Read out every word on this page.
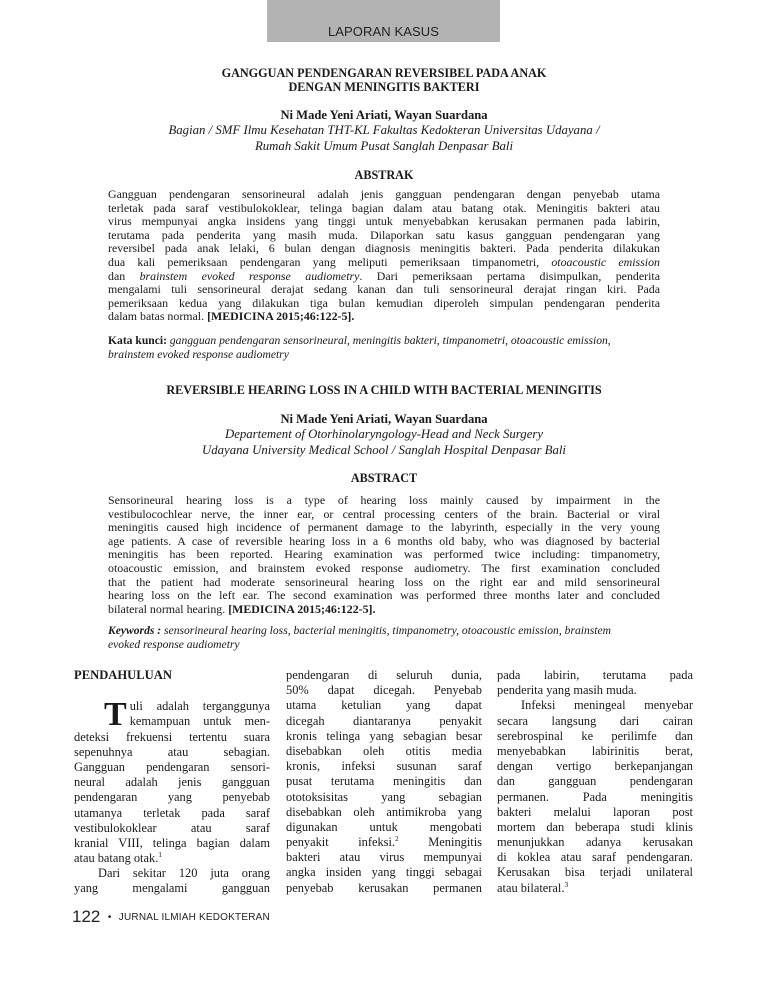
LAPORAN KASUS
GANGGUAN PENDENGARAN REVERSIBEL PADA ANAK
DENGAN MENINGITIS BAKTERI
Ni Made Yeni Ariati, Wayan Suardana
Bagian / SMF Ilmu Kesehatan THT-KL Fakultas Kedokteran Universitas Udayana /
Rumah Sakit Umum Pusat Sanglah Denpasar Bali
ABSTRAK
Gangguan pendengaran sensorineural adalah jenis gangguan pendengaran dengan penyebab utama
terletak pada saraf vestibulokoklear, telinga bagian dalam atau batang otak. Meningitis bakteri atau
virus mempunyai angka insidens yang tinggi untuk menyebabkan kerusakan permanen pada labirin,
terutama pada penderita yang masih muda. Dilaporkan satu kasus gangguan pendengaran yang
reversibel pada anak lelaki, 6 bulan dengan diagnosis meningitis bakteri. Pada penderita dilakukan
dua kali pemeriksaan pendengaran yang meliputi pemeriksaan timpanometri, otoacoustic emission
dan brainstem evoked response audiometry. Dari pemeriksaan pertama disimpulkan, penderita
mengalami tuli sensorineural derajat sedang kanan dan tuli sensorineural derajat ringan kiri. Pada
pemeriksaan kedua yang dilakukan tiga bulan kemudian diperoleh simpulan pendengaran penderita
dalam batas normal. [MEDICINA 2015;46:122-5].
Kata kunci: gangguan pendengaran sensorineural, meningitis bakteri, timpanometri, otoacoustic emission,
brainstem evoked response audiometry
REVERSIBLE HEARING LOSS IN A CHILD WITH BACTERIAL MENINGITIS
Ni Made Yeni Ariati, Wayan Suardana
Departement of Otorhinolaryngology-Head and Neck Surgery
Udayana University Medical School / Sanglah Hospital Denpasar Bali
ABSTRACT
Sensorineural hearing loss is a type of hearing loss mainly caused by impairment in the
vestibulocochlear nerve, the inner ear, or central processing centers of the brain. Bacterial or viral
meningitis caused high incidence of permanent damage to the labyrinth, especially in the very young
age patients. A case of reversible hearing loss in a 6 months old baby, who was diagnosed by bacterial
meningitis has been reported. Hearing examination was performed twice including: timpanometry,
otoacoustic emission, and brainstem evoked response audiometry. The first examination concluded
that the patient had moderate sensorineural hearing loss on the right ear and mild sensorineural
hearing loss on the left ear. The second examination was performed three months later and concluded
bilateral normal hearing. [MEDICINA 2015;46:122-5].
Keywords : sensorineural hearing loss, bacterial meningitis, timpanometry, otoacoustic emission, brainstem
evoked response audiometry
PENDAHULUAN
T uli adalah terganggunya
kemampuan untuk men-
deteksi frekuensi tertentu suara
sepenuhnya atau sebagian.
Gangguan pendengaran sensori-
neural adalah jenis gangguan
pendengaran yang penyebab
utamanya terletak pada saraf
vestibulokoklear atau saraf
kranial VIII, telinga bagian dalam
atau batang otak.$^1$
Dari sekitar 120 juta orang
yang mengalami gangguan
pendengaran di seluruh dunia,
50% dapat dicegah. Penyebab
utama ketulian yang dapat
dicegah diantaranya penyakit
kronis telinga yang sebagian besar
disebabkan oleh otitis media
kronis, infeksi susunan saraf
pusat terutama meningitis dan
ototoksisitas yang sebagian
disebabkan oleh antimikroba yang
digunakan untuk mengobati
penyakit infeksi.$^2$ Meningitis
bakteri atau virus mempunyai
angka insiden yang tinggi sebagai
penyebab kerusakan permanen
pada labirin, terutama pada
penderita yang masih muda.
Infeksi meningeal menyebar
secara langsung dari cairan
serebrospinal ke perilimfe dan
menyebabkan labirinitis berat,
dengan vertigo berkepanjangan
dan gangguan pendengaran
permanen. Pada meningitis
bakteri melalui laporan post
mortem dan beberapa studi klinis
menunjukkan adanya kerusakan
di koklea atau saraf pendengaran.
Kerusakan bisa terjadi unilateral
atau bilateral.$^3$
122 • JURNAL ILMIAH KEDOKTERAN
